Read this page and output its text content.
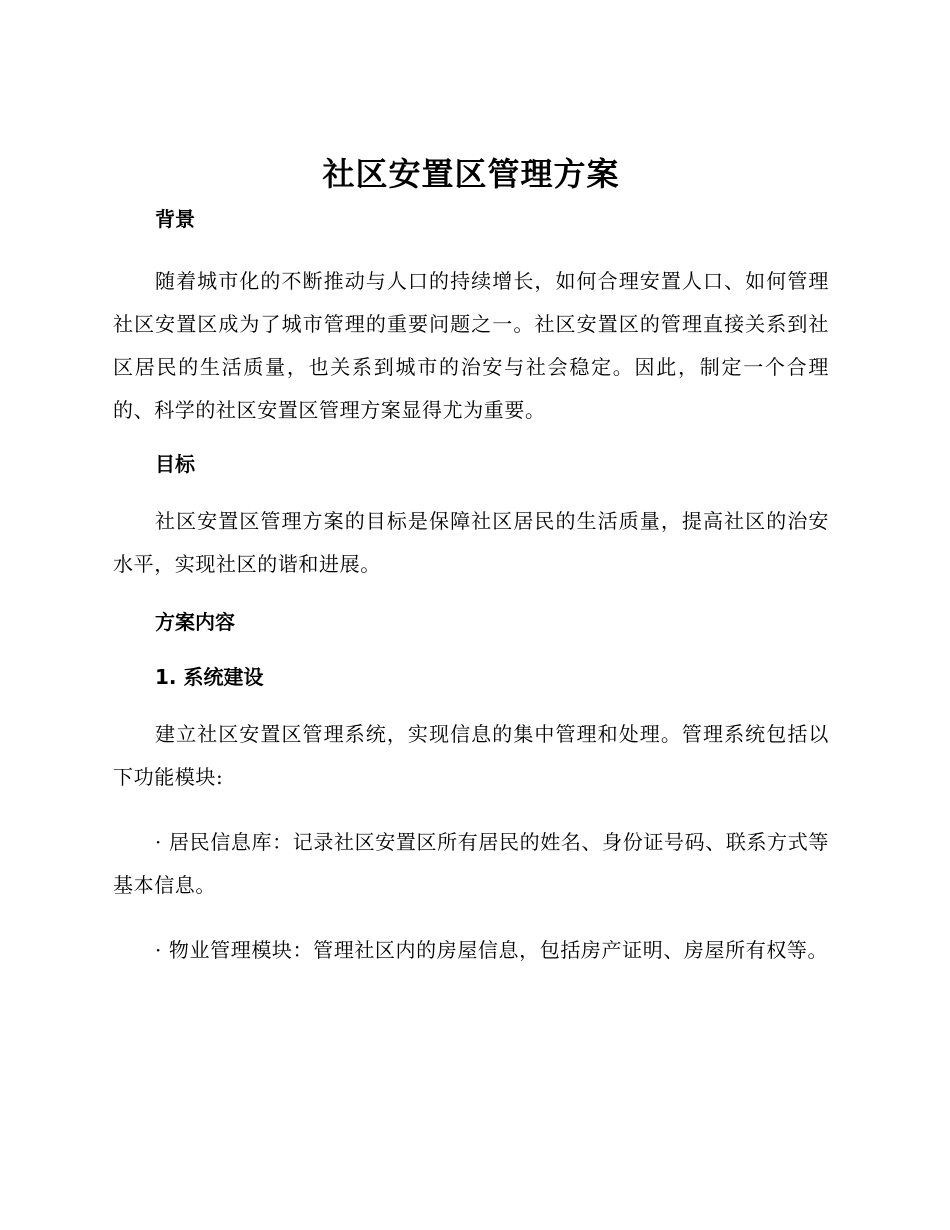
社区安置区管理方案
背景

随着城市化的不断推动与人口的持续增长，如何合理安置人口、如何管理社区安置区成为了城市管理的重要问题之一。社区安置区的管理直接关系到社区居民的生活质量，也关系到城市的治安与社会稳定。因此，制定一个合理的、科学的社区安置区管理方案显得尤为重要。

目标

社区安置区管理方案的目标是保障社区居民的生活质量，提高社区的治安水平，实现社区的谐和进展。

方案内容
1. 系统建设

建立社区安置区管理系统，实现信息的集中管理和处理。管理系统包括以下功能模块:

· 居民信息库：记录社区安置区所有居民的姓名、身份证号码、联系方式等基本信息。

· 物业管理模块：管理社区内的房屋信息，包括房产证明、房屋所有权等。
